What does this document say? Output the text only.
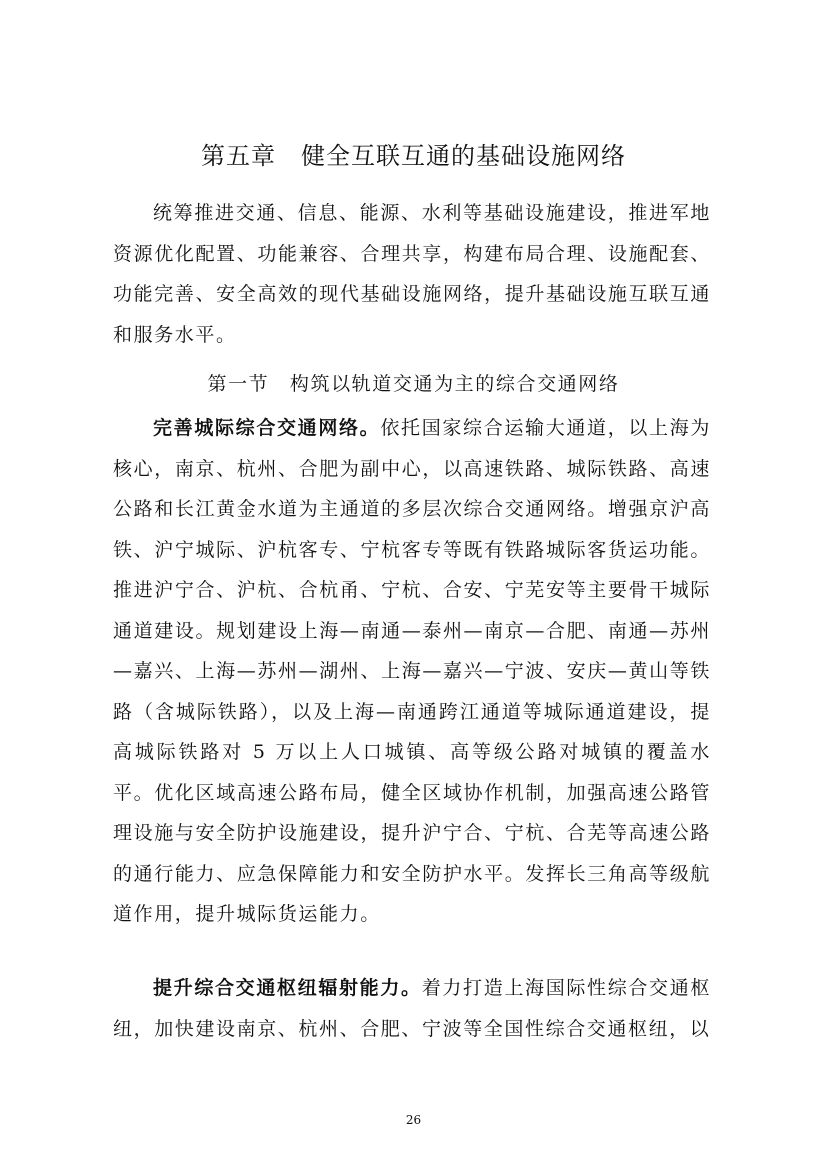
第五章　健全互联互通的基础设施网络

统筹推进交通、信息、能源、水利等基础设施建设，推进军地资源优化配置、功能兼容、合理共享，构建布局合理、设施配套、功能完善、安全高效的现代基础设施网络，提升基础设施互联互通和服务水平。

第一节　构筑以轨道交通为主的综合交通网络

完善城际综合交通网络。依托国家综合运输大通道，以上海为核心，南京、杭州、合肥为副中心，以高速铁路、城际铁路、高速公路和长江黄金水道为主通道的多层次综合交通网络。增强京沪高铁、沪宁城际、沪杭客专、宁杭客专等既有铁路城际客货运功能。推进沪宁合、沪杭、合杭甬、宁杭、合安、宁芜安等主要骨干城际通道建设。规划建设上海—南通—泰州—南京—合肥、南通—苏州—嘉兴、上海—苏州—湖州、上海—嘉兴—宁波、安庆—黄山等铁路（含城际铁路），以及上海—南通跨江通道等城际通道建设，提高城际铁路对 5 万以上人口城镇、高等级公路对城镇的覆盖水平。优化区域高速公路布局，健全区域协作机制，加强高速公路管理设施与安全防护设施建设，提升沪宁合、宁杭、合芜等高速公路的通行能力、应急保障能力和安全防护水平。发挥长三角高等级航道作用，提升城际货运能力。

提升综合交通枢纽辐射能力。着力打造上海国际性综合交通枢纽，加快建设南京、杭州、合肥、宁波等全国性综合交通枢纽，以

26
